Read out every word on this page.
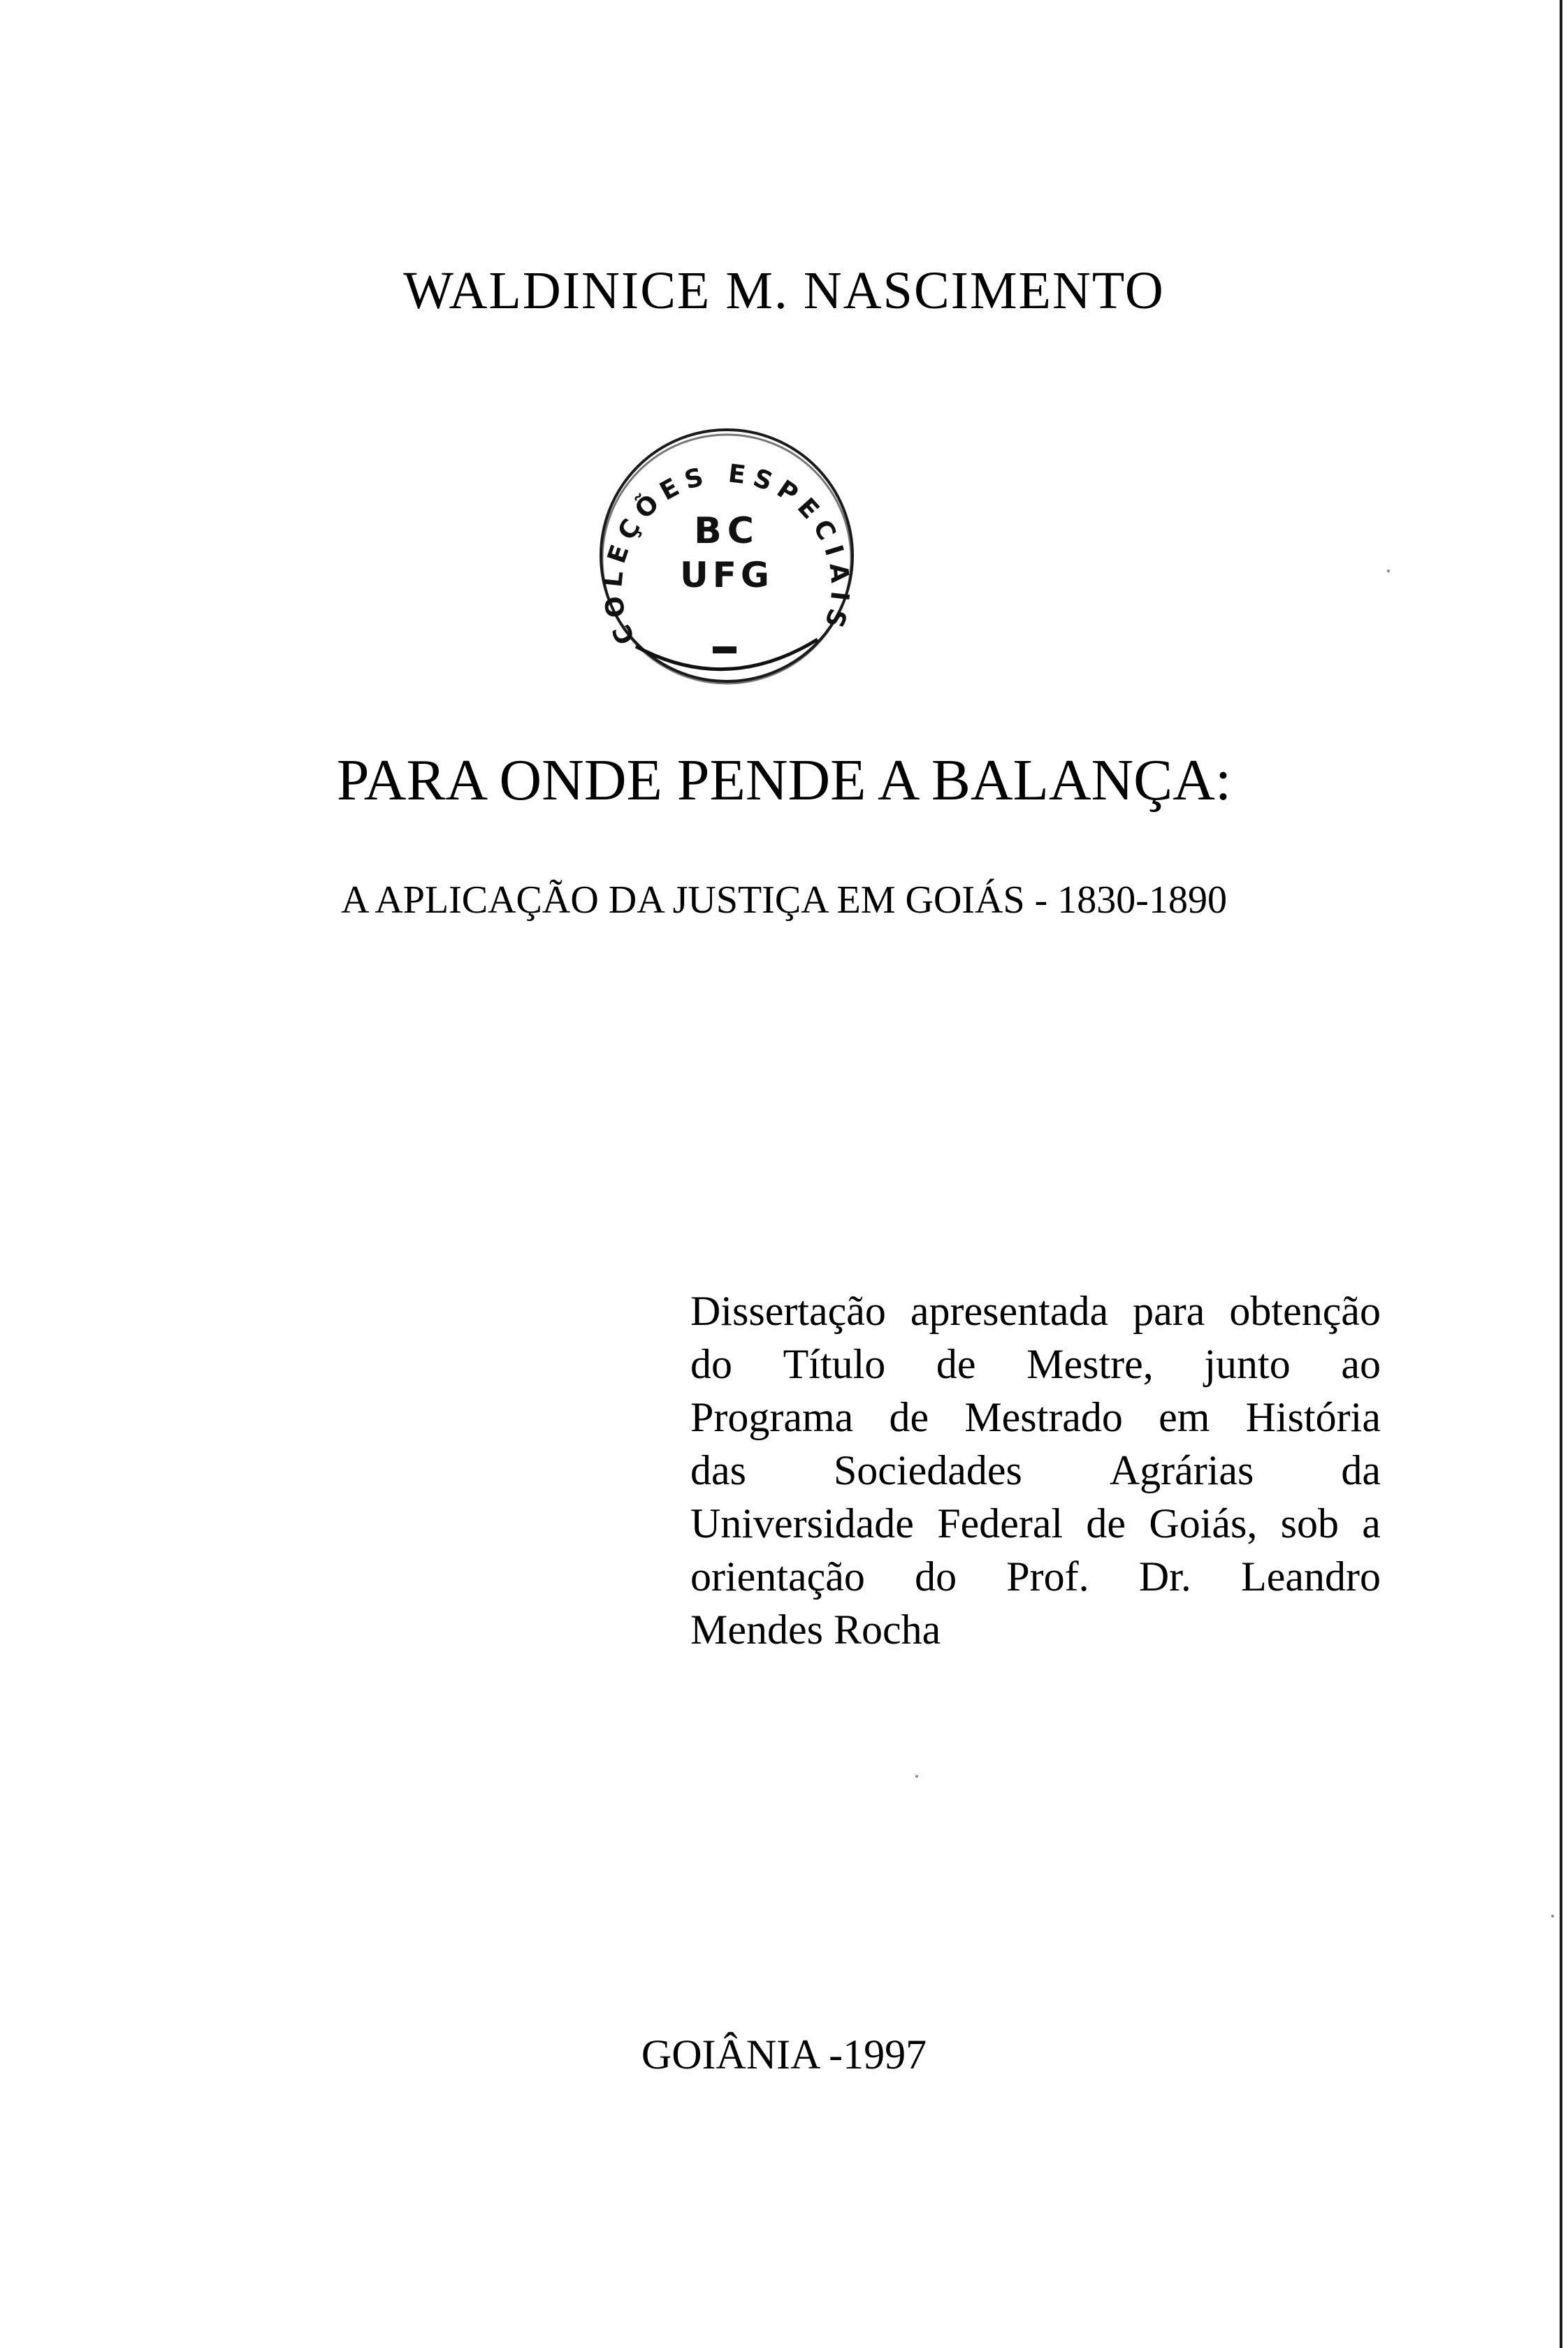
WALDINICE M. NASCIMENTO
BC
UFG
COLEÇÕES ESPECIAIS
PARA ONDE PENDE A BALANÇA:
A APLICAÇÃO DA JUSTIÇA EM GOIÁS - 1830-1890
Dissertação apresentada para obtenção
do Título de Mestre, junto ao
Programa de Mestrado em História
das Sociedades Agrárias da
Universidade Federal de Goiás, sob a
orientação do Prof. Dr. Leandro
Mendes
Rocha
GOIÂNIA -1997
